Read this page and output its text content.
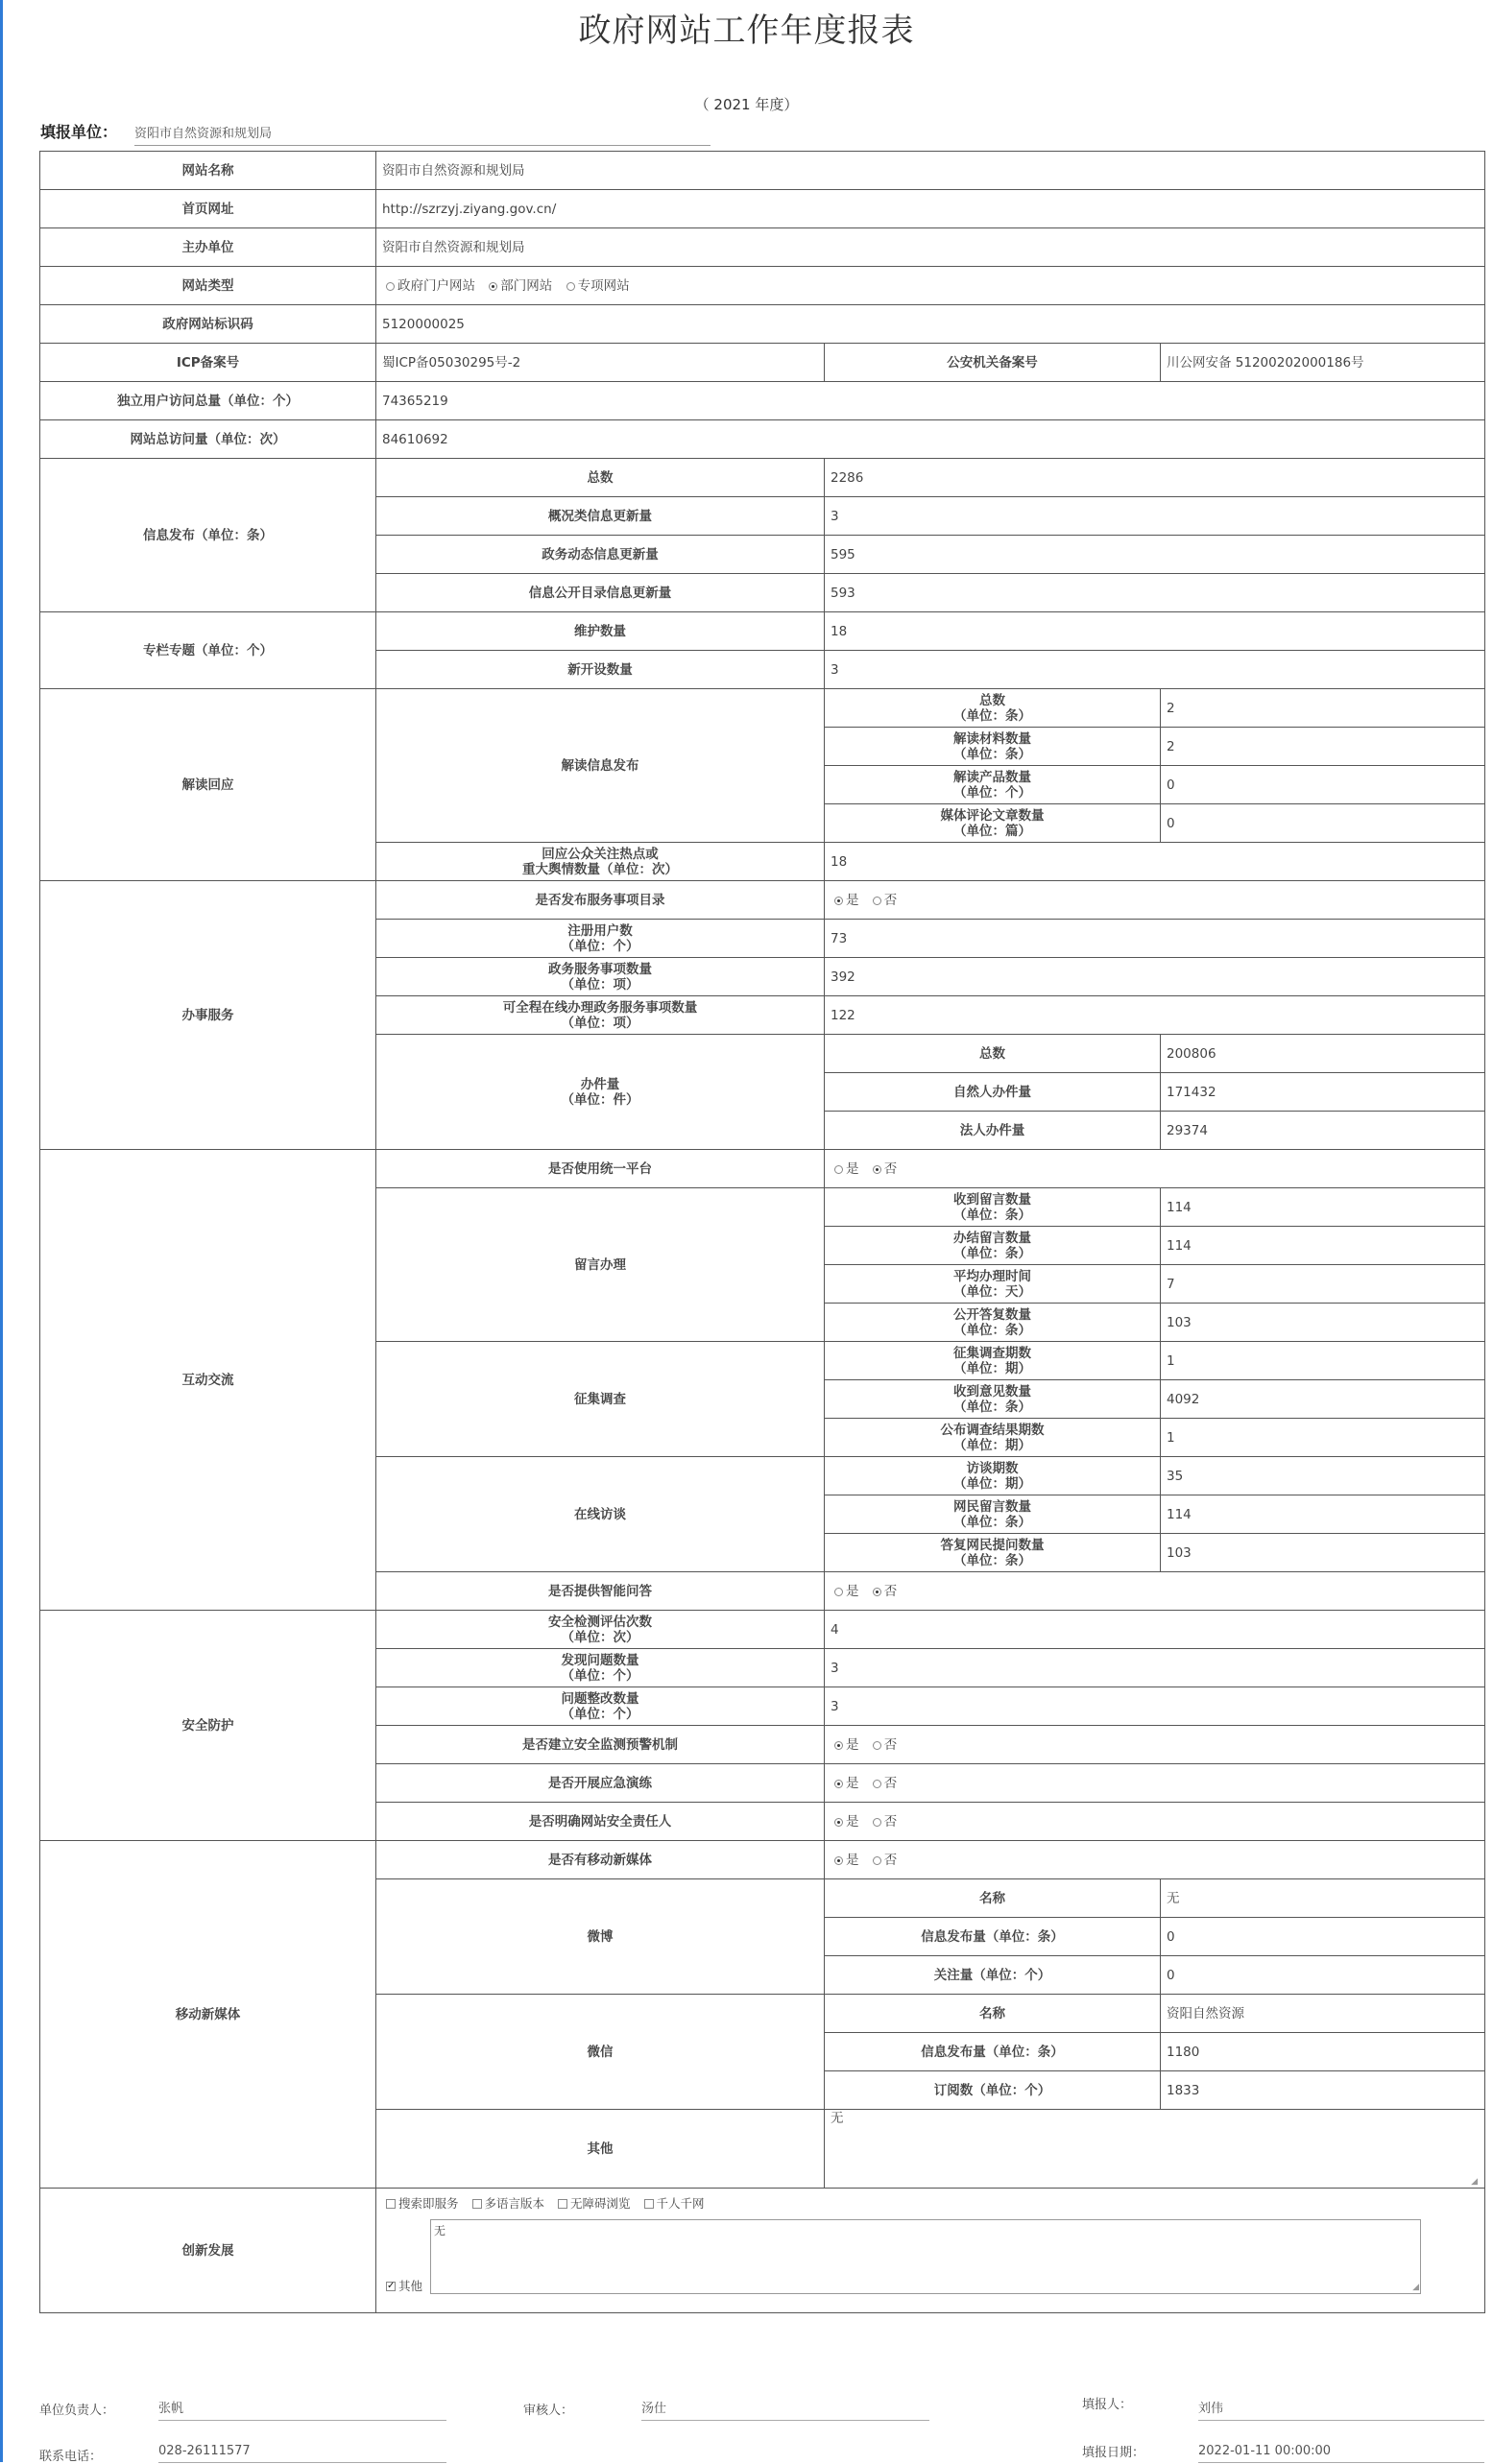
政府网站工作年度报表
（ 2021 年度）
填报单位： 资阳市自然资源和规划局
网站名称	资阳市自然资源和规划局		
首页网址	http://szrzyj.ziyang.gov.cn/		
主办单位	资阳市自然资源和规划局		
网站类型	政府门户网站 部门网站 专项网站		
政府网站标识码	5120000025		
ICP备案号	蜀ICP备05030295号-2	公安机关备案号	川公网安备 51200202000186号
独立用户访问总量（单位：个）	74365219		
网站总访问量（单位：次）	84610692		
信息发布（单位：条）	总数	2286	
	概况类信息更新量	3	
	政务动态信息更新量	595	
	信息公开目录信息更新量	593	
专栏专题（单位：个）	维护数量	18	
	新开设数量	3	
解读回应	解读信息发布	总数
（单位：条）	2
		解读材料数量
（单位：条）	2
		解读产品数量
（单位：个）	0
		媒体评论文章数量
（单位：篇）	0
	回应公众关注热点或
重大舆情数量（单位：次）	18	
办事服务	是否发布服务事项目录	是 否	
	注册用户数
（单位：个）	73	
	政务服务事项数量
（单位：项）	392	
	可全程在线办理政务服务事项数量
（单位：项）	122	
	办件量
（单位：件）	总数	200806
		自然人办件量	171432
		法人办件量	29374
互动交流	是否使用统一平台	是 否	
	留言办理	收到留言数量
（单位：条）	114
		办结留言数量
（单位：条）	114
		平均办理时间
（单位：天）	7
		公开答复数量
（单位：条）	103
	征集调查	征集调查期数
（单位：期）	1
		收到意见数量
（单位：条）	4092
		公布调查结果期数
（单位：期）	1
	在线访谈	访谈期数
（单位：期）	35
		网民留言数量
（单位：条）	114
		答复网民提问数量
（单位：条）	103
	是否提供智能问答	是 否	
安全防护	安全检测评估次数
（单位：次）	4	
	发现问题数量
（单位：个）	3	
	问题整改数量
（单位：个）	3	
	是否建立安全监测预警机制	是 否	
	是否开展应急演练	是 否	
	是否明确网站安全责任人	是 否	
移动新媒体	是否有移动新媒体	是 否	
	微博	名称	无
		信息发布量（单位：条）	0
		关注量（单位：个）	0
	微信	名称	资阳自然资源
		信息发布量（单位：条）	1180
		订阅数（单位：个）	1833
	其他	无
◢	

创新发展	搜索即服务 多语言版本 无障碍浏览 千人千网
✓其他
无
◢
单位负责人：	张帆	审核人：	汤仕	填报人：	刘伟
联系电话：	028-26111577	填报日期：	2022-01-11 00:00:00
